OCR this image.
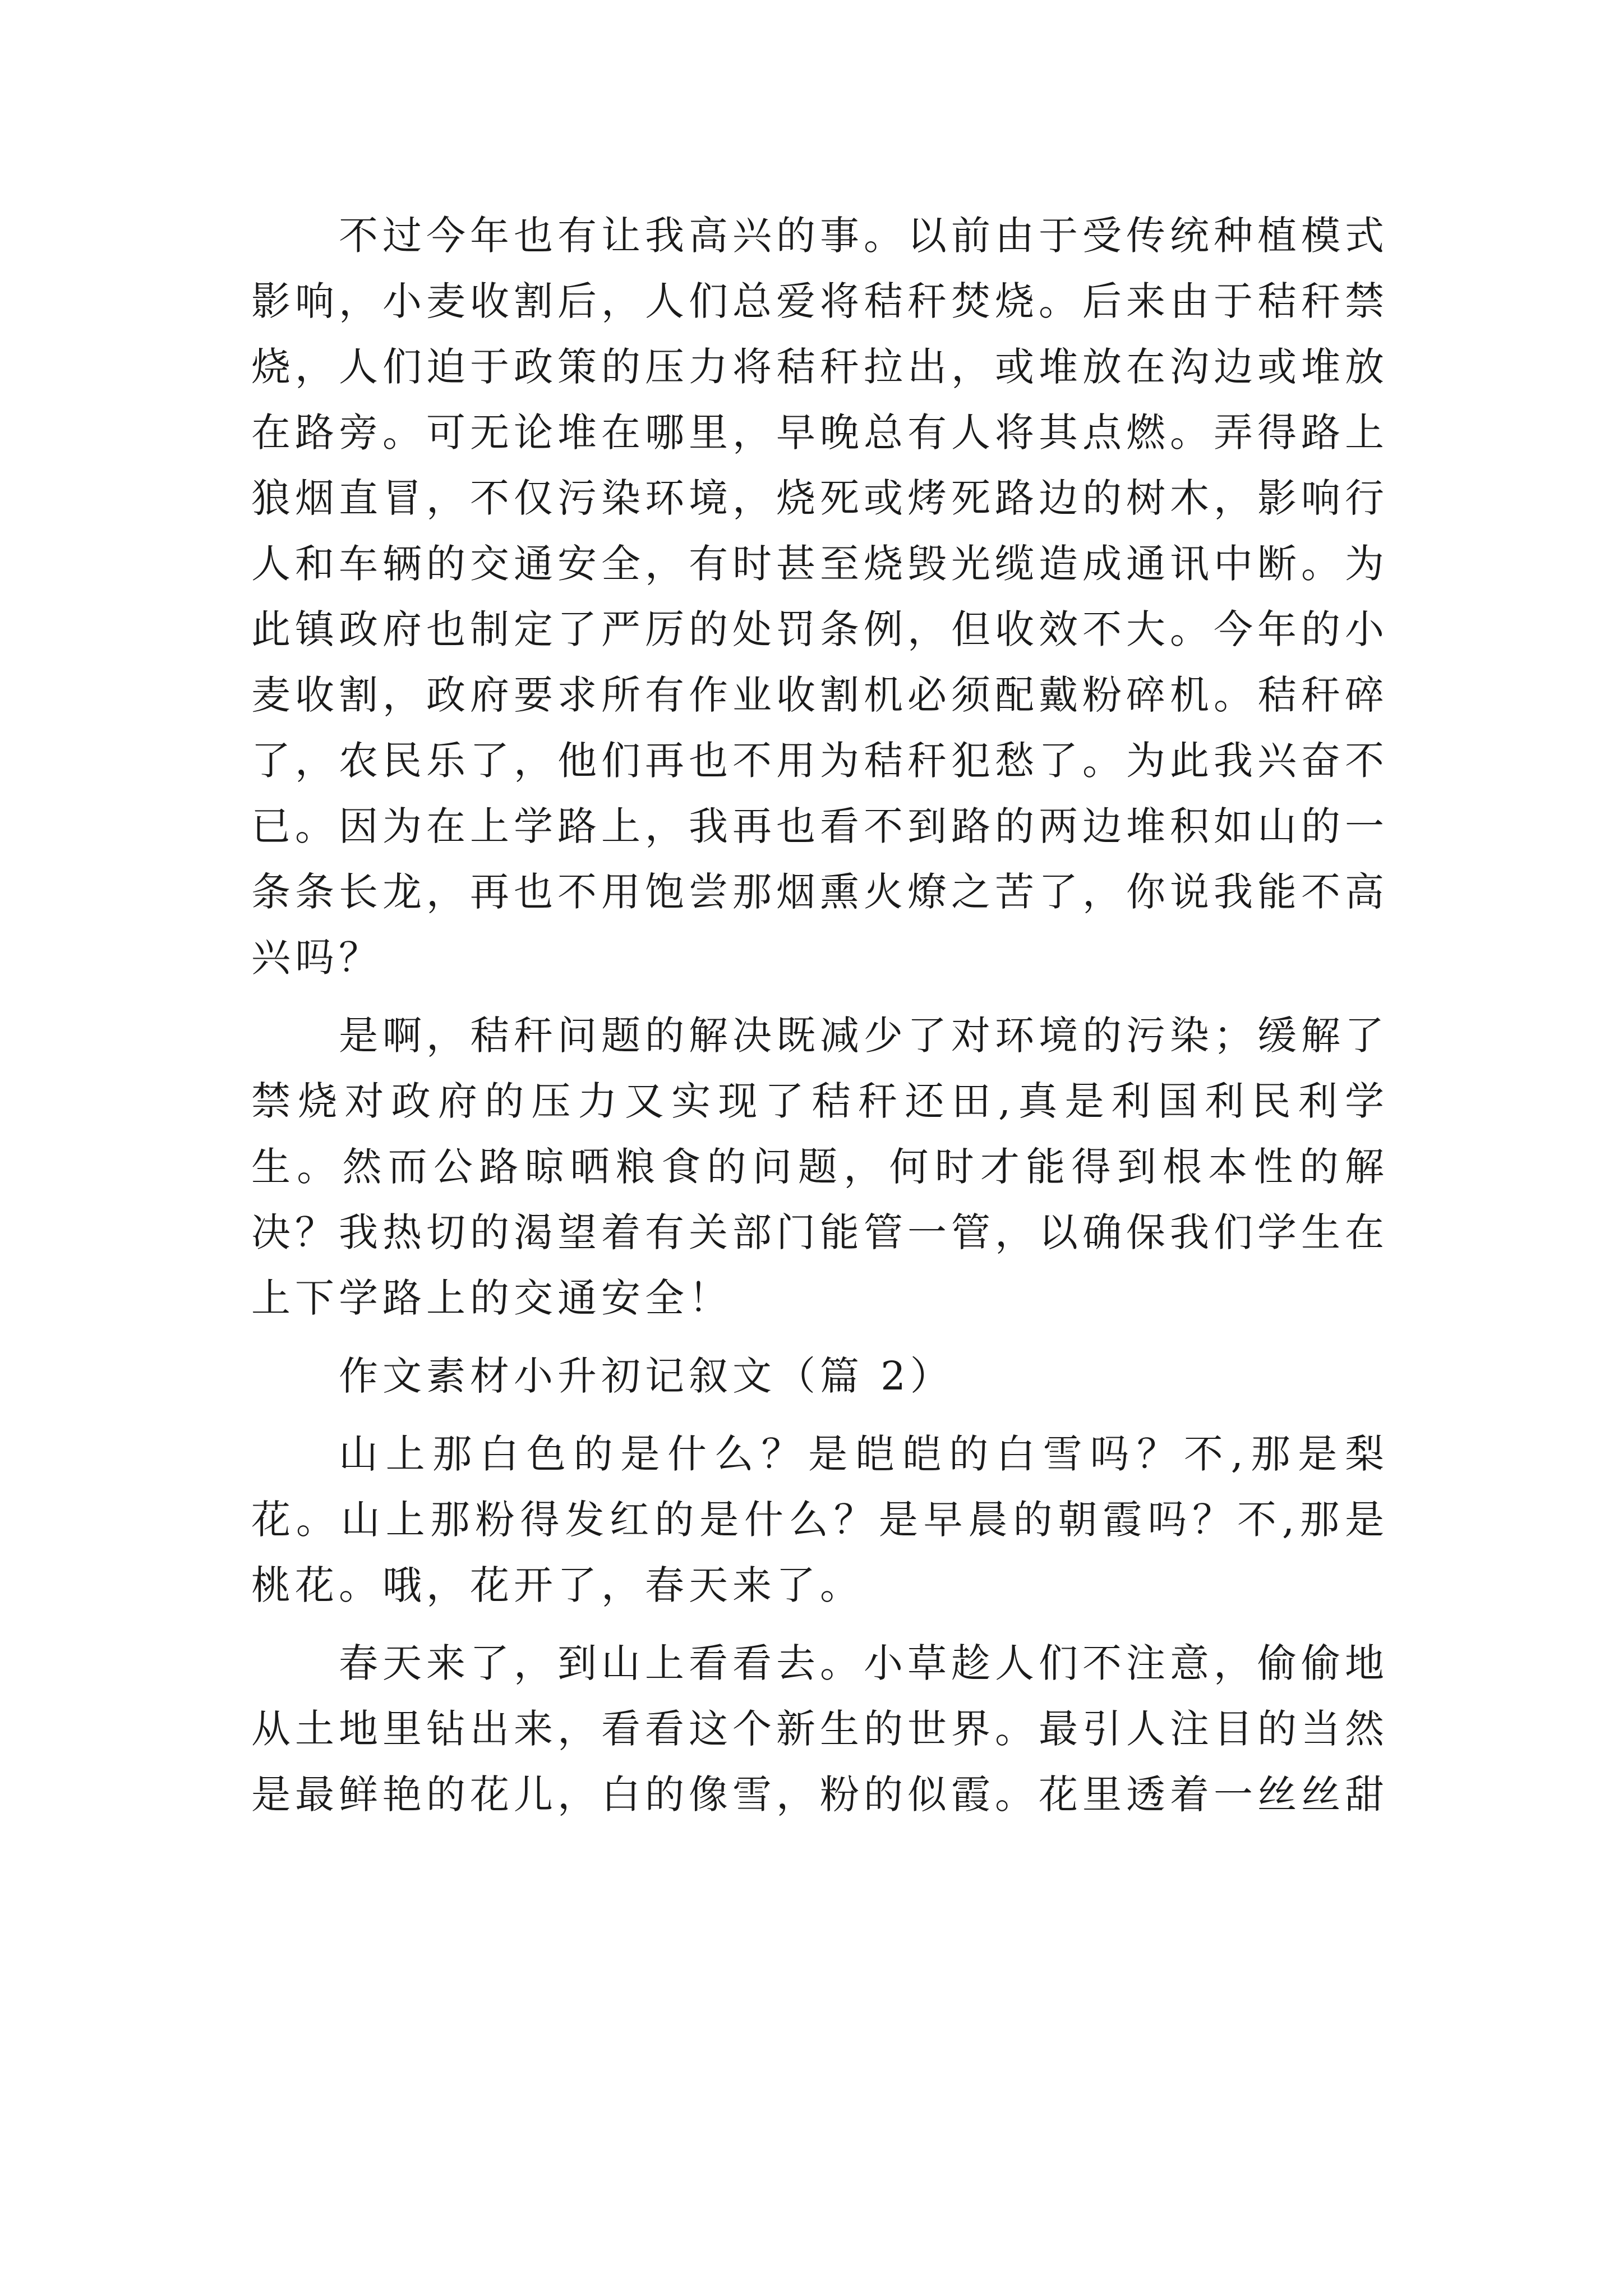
不过今年也有让我高兴的事。以前由于受传统种植模式影响，小麦收割后，人们总爱将秸秆焚烧。后来由于秸秆禁烧，人们迫于政策的压力将秸秆拉出，或堆放在沟边或堆放在路旁。可无论堆在哪里，早晚总有人将其点燃。弄得路上狼烟直冒，不仅污染环境，烧死或烤死路边的树木，影响行人和车辆的交通安全，有时甚至烧毁光缆造成通讯中断。为此镇政府也制定了严厉的处罚条例，但收效不大。今年的小麦收割，政府要求所有作业收割机必须配戴粉碎机。秸秆碎了，农民乐了，他们再也不用为秸秆犯愁了。为此我兴奋不已。因为在上学路上，我再也看不到路的两边堆积如山的一条条长龙，再也不用饱尝那烟熏火燎之苦了，你说我能不高兴吗？

是啊，秸秆问题的解决既减少了对环境的污染；缓解了禁烧对政府的压力又实现了秸秆还田,真是利国利民利学生。然而公路晾晒粮食的问题，何时才能得到根本性的解决？我热切的渴望着有关部门能管一管，以确保我们学生在上下学路上的交通安全！

作文素材小升初记叙文（篇 2）

山上那白色的是什么？是皑皑的白雪吗？不,那是梨花。山上那粉得发红的是什么？是早晨的朝霞吗？不,那是桃花。哦，花开了，春天来了。

春天来了，到山上看看去。小草趁人们不注意，偷偷地从土地里钻出来，看看这个新生的世界。最引人注目的当然是最鲜艳的花儿，白的像雪，粉的似霞。花里透着一丝丝甜
